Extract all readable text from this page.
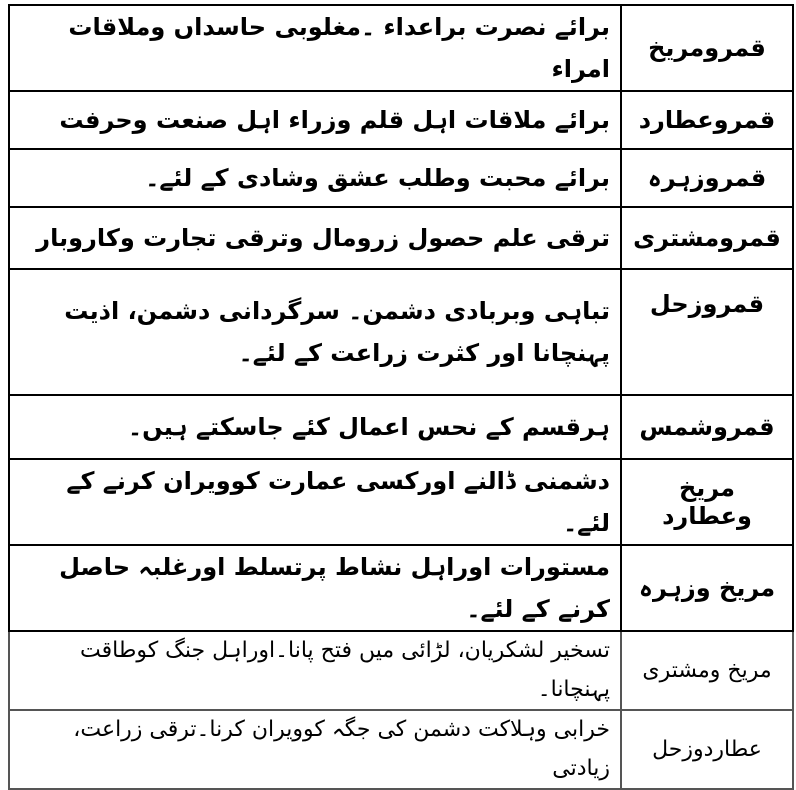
قمرومریخ	برائے نصرت براعداء ۔مغلوبی حاسداں وملاقات امراء
قمروعطارد	برائے ملاقات اہل قلم وزراء اہل صنعت وحرفت
قمروزہرہ	برائے محبت وطلب عشق وشادی کے لئے۔
قمرومشتری	ترقی علم حصول زرومال وترقی تجارت وکاروبار
قمروزحل	تباہی وبربادی دشمن۔ سرگردانی دشمن، اذیت پہنچانا اور کثرت زراعت کے لئے۔
قمروشمس	ہرقسم کے نحس اعمال کئے جاسکتے ہیں۔
مریخ وعطارد	دشمنی ڈالنے اورکسی عمارت کوویران کرنے کے لئے۔
مریخ وزہرہ	مستورات اوراہل نشاط پرتسلط اورغلبہ حاصل کرنے کے لئے۔
مریخ ومشتری	تسخیر لشکریان، لڑائی میں فتح پانا۔اوراہل جنگ کوطاقت پہنچانا۔
عطاردوزحل	خرابی وہلاکت دشمن کی جگہ کوویران کرنا۔ترقی زراعت، زیادتی
